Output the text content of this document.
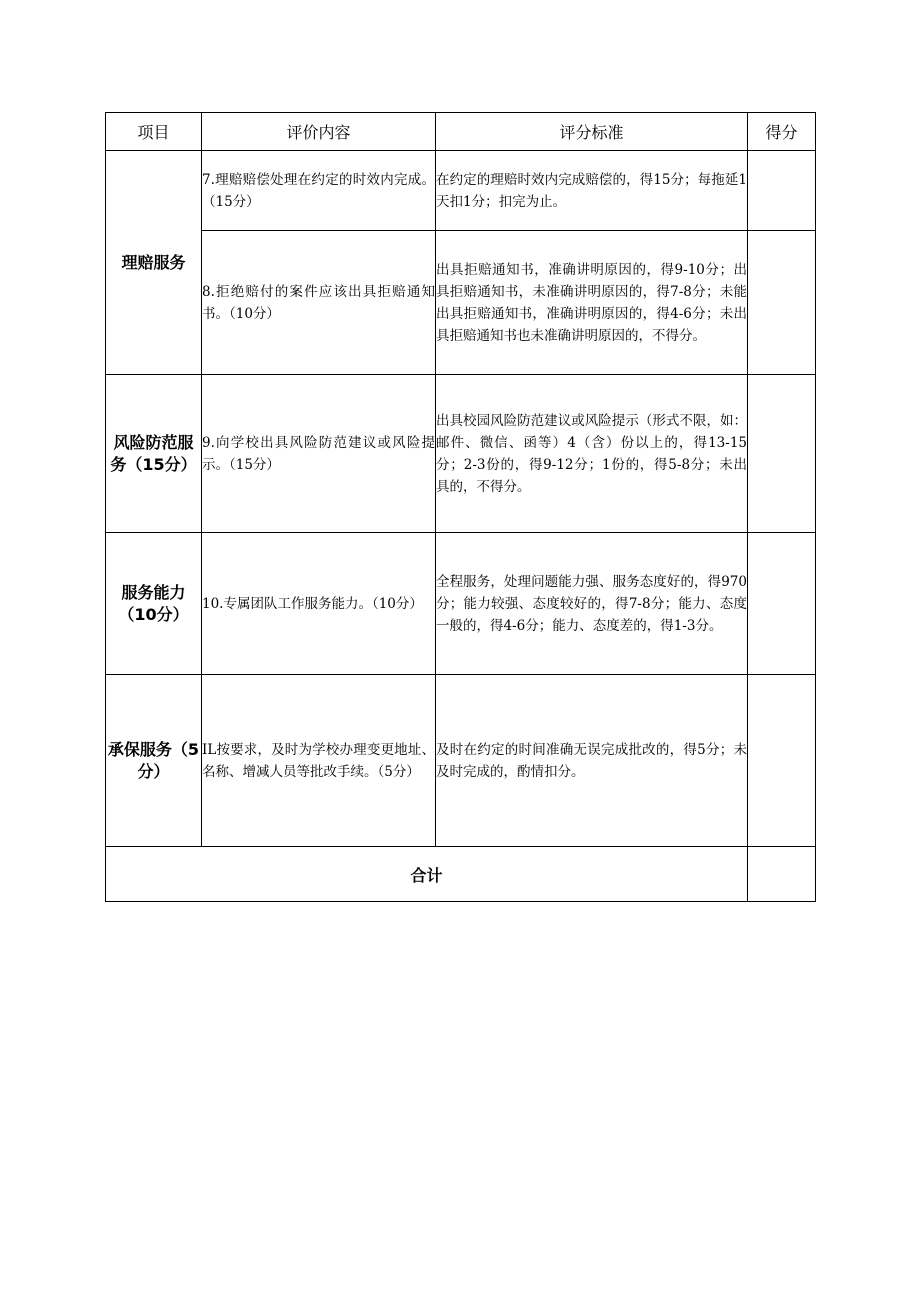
项目	评价内容	评分标准	得分
理赔服务	7.理赔赔偿处理在约定的时效内完成。（15分）	在约定的理赔时效内完成赔偿的，得15分；每拖延1天扣1分；扣完为止。	
	8.拒绝赔付的案件应该出具拒赔通知书。（10分）	出具拒赔通知书，准确讲明原因的，得9-10分；出具拒赔通知书，未准确讲明原因的，得7-8分；未能出具拒赔通知书，准确讲明原因的，得4-6分；未出具拒赔通知书也未准确讲明原因的，不得分。	
风险防范服务（15分）	9.向学校出具风险防范建议或风险提示。（15分）	出具校园风险防范建议或风险提示（形式不限，如：邮件、微信、函等）4（含）份以上的，得13-15分；2-3份的，得9-12分；1份的，得5-8分；未出具的，不得分。	
服务能力（10分）	10.专属团队工作服务能力。（10分）	全程服务，处理问题能力强、服务态度好的，得970分；能力较强、态度较好的，得7-8分；能力、态度一般的，得4-6分；能力、态度差的，得1-3分。	
承保服务（5分）	IL按要求，及时为学校办理变更地址、名称、增减人员等批改手续。（5分）	及时在约定的时间准确无误完成批改的，得5分；未及时完成的，酌情扣分。	
合计			
